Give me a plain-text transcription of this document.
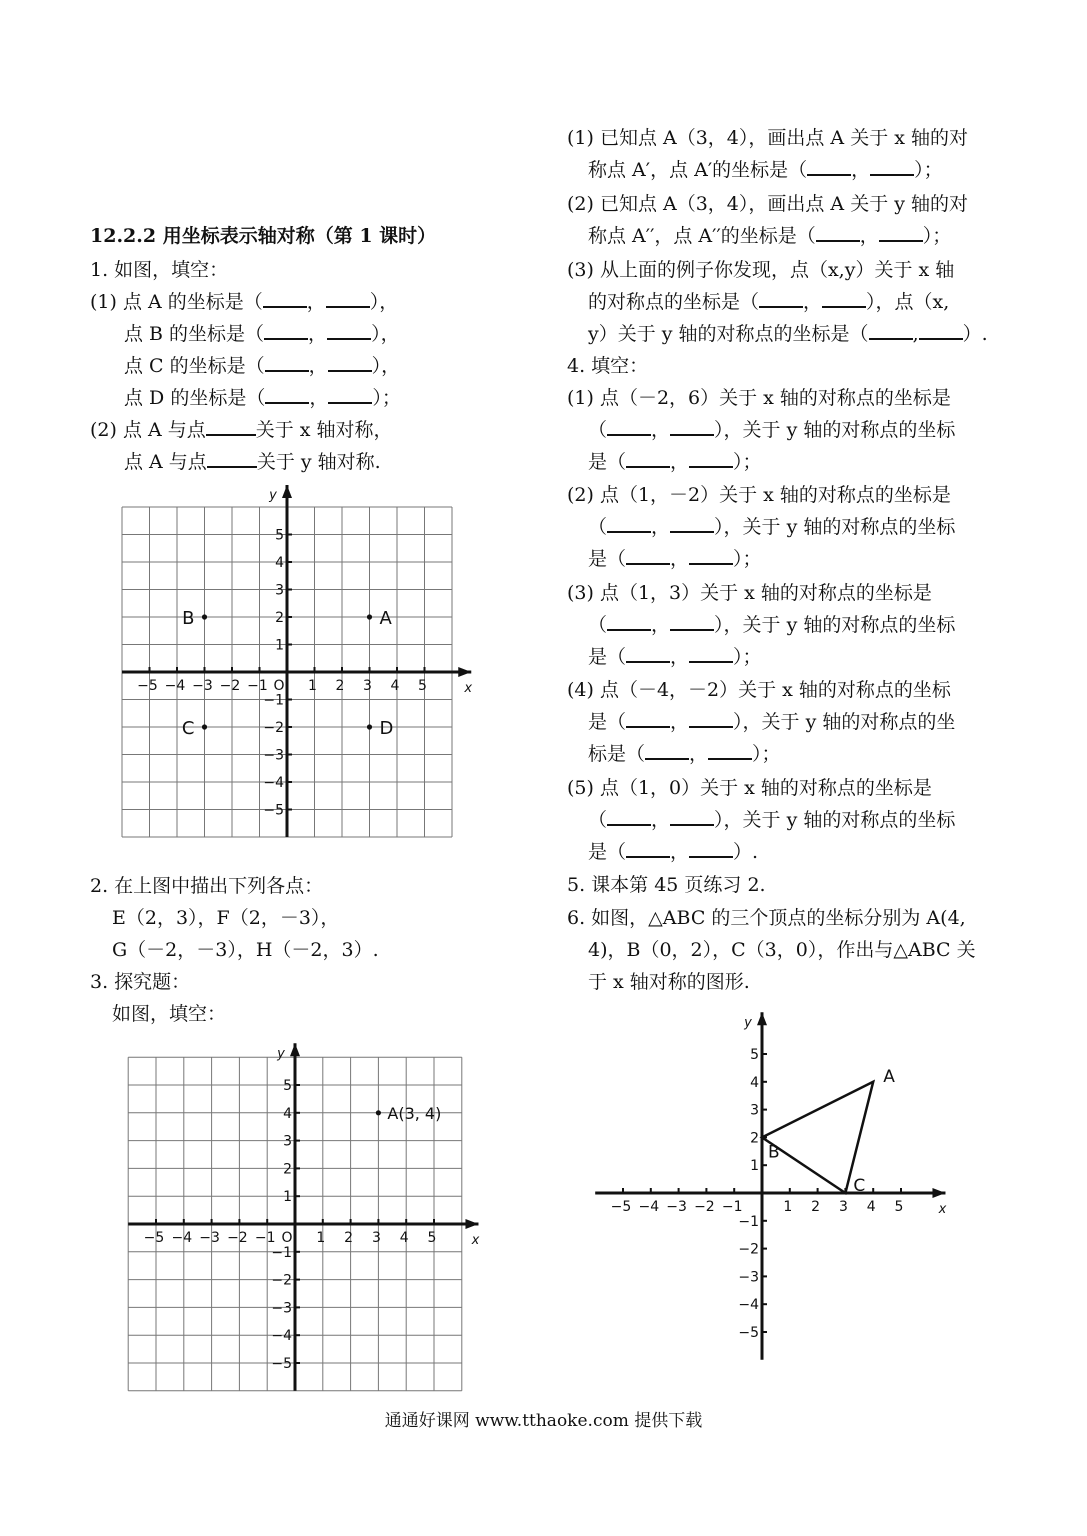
12.2.2 用坐标表示轴对称（第 1 课时）
1. 如图，填空：
(1) 点 A 的坐标是（ ， ），
点 B 的坐标是（ ， ），
点 C 的坐标是（ ， ），
点 D 的坐标是（ ， ）；
(2) 点 A 与点	关于 x 轴对称，
点 A 与点	关于 y 轴对称.
x
y
O
−5 −4 −3 −2 −1	1 2 3 4 5
5
4
3
2
1
−1
−2
−3
−4
−5
A
B
C	D
x
y
O
−5 −4 −3 −2 −1	1 2 3 4 5
5
4
3
2
1
−1
−2
−3
−4
−5
A(3, 4)
x
y
−5 −4 −3 −2 −1	1 2 3 4 5
5
4
3
2
1
−1
−2
−3
−4
−5
A
B
C
2. 在上图中描出下列各点：
E（2，3），F（2，－3），
G（－2，－3），H（－2，3）.
3. 探究题：
如图，填空：
(1) 已知点 A（3，4），画出点 A 关于 x 轴的对
称点 A′，点 A′的坐标是（ ， ）；
(2) 已知点 A（3，4），画出点 A 关于 y 轴的对
称点 A′′，点 A′′的坐标是（ ， ）；
(3) 从上面的例子你发现，点（x,y）关于 x 轴
的对称点的坐标是（ ， ），点（x,
y）关于 y 轴的对称点的坐标是（ , ）.
4. 填空：
(1) 点（－2，6）关于 x 轴的对称点的坐标是
（ ， ），关于 y 轴的对称点的坐标
是（ ， ）；
(2) 点（1，－2）关于 x 轴的对称点的坐标是
（ ， ），关于 y 轴的对称点的坐标
是（ ， ）；
(3) 点（1，3）关于 x 轴的对称点的坐标是
（ ， ），关于 y 轴的对称点的坐标
是（ ， ）；
(4) 点（－4，－2）关于 x 轴的对称点的坐标
是（ ， ），关于 y 轴的对称点的坐
标是（ ， ）；
(5) 点（1，0）关于 x 轴的对称点的坐标是
（ ， ），关于 y 轴的对称点的坐标
是（ ， ）.
5. 课本第 45 页练习 2.
6. 如图，△ABC 的三个顶点的坐标分别为 A(4,
4)，B（0，2），C（3，0），作出与△ABC 关
于 x 轴对称的图形.
通通好课网 www.tthaoke.com 提供下载
